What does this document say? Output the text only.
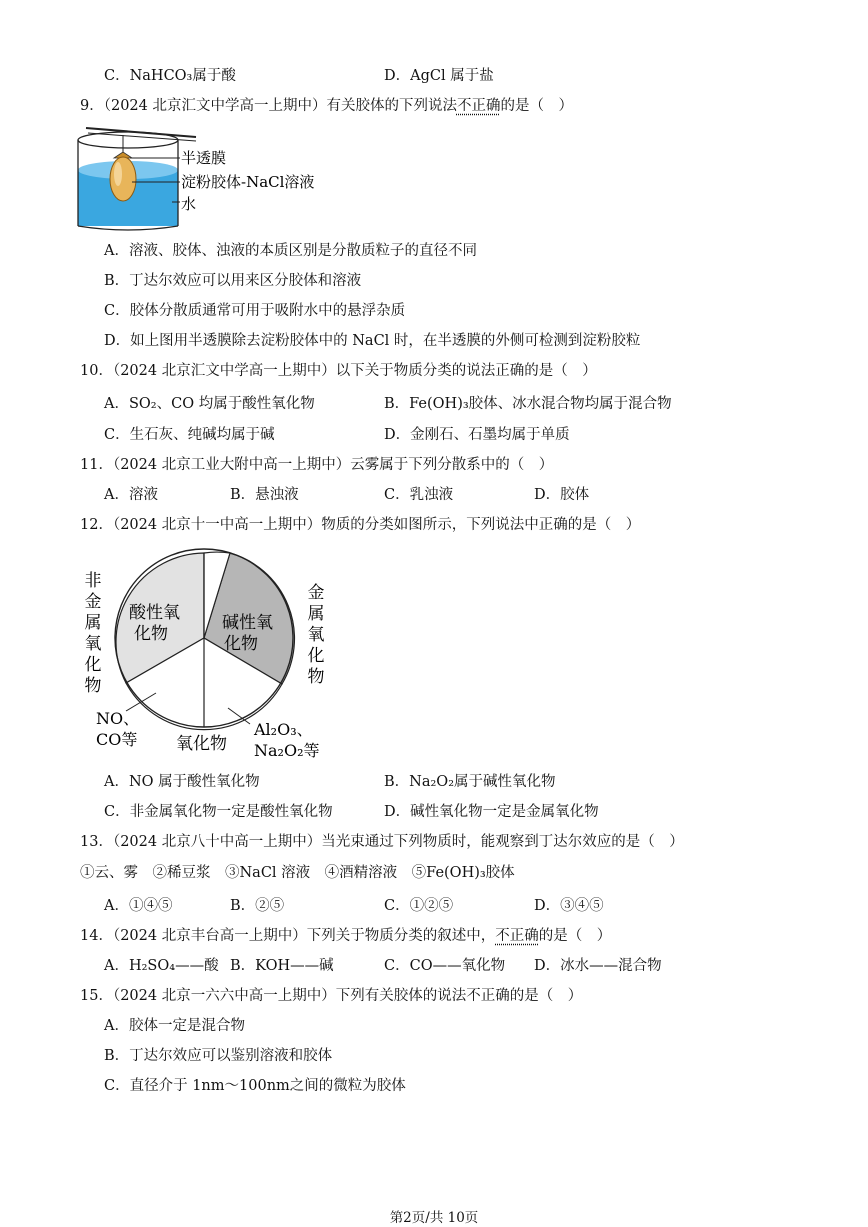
C．NaHCO₃属于酸	D．AgCl 属于盐
9．（2024 北京汇文中学高一上期中）有关胶体的下列说法不正确的是（　）
半透膜
淀粉胶体-NaCl溶液
水
A．溶液、胶体、浊液的本质区别是分散质粒子的直径不同
B．丁达尔效应可以用来区分胶体和溶液
C．胶体分散质通常可用于吸附水中的悬浮杂质
D．如上图用半透膜除去淀粉胶体中的 NaCl 时，在半透膜的外侧可检测到淀粉胶粒
10．（2024 北京汇文中学高一上期中）以下关于物质分类的说法正确的是（　）
A．SO₂、CO 均属于酸性氧化物	B．Fe(OH)₃胶体、冰水混合物均属于混合物
C．生石灰、纯碱均属于碱	D．金刚石、石墨均属于单质
11．（2024 北京工业大附中高一上期中）云雾属于下列分散系中的（　）
A．溶液	B．悬浊液	C．乳浊液	D．胶体
12．（2024 北京十一中高一上期中）物质的分类如图所示，下列说法中正确的是（　）
非
金
属
氧
化
物
金
属
氧
化
物
酸性氧
化物
碱性氧
化物
NO、
CO等 氧化物
Al₂O₃、
Na₂O₂等
A．NO 属于酸性氧化物	B．Na₂O₂属于碱性氧化物
C．非金属氧化物一定是酸性氧化物	D．碱性氧化物一定是金属氧化物
13．（2024 北京八十中高一上期中）当光束通过下列物质时，能观察到丁达尔效应的是（　）
①云、雾　②稀豆浆　③NaCl 溶液　④酒精溶液　⑤Fe(OH)₃胶体
A．①④⑤	B．②⑤	C．①②⑤	D．③④⑤
14．（2024 北京丰台高一上期中）下列关于物质分类的叙述中，不正确的是（　）
A．H₂SO₄——酸 B．KOH——碱	C．CO——氧化物 D．冰水——混合物
15．（2024 北京一六六中高一上期中）下列有关胶体的说法不正确的是（　）
A．胶体一定是混合物
B．丁达尔效应可以鉴别溶液和胶体
C．直径介于 1nm～100nm之间的微粒为胶体
第2页/共 10页
